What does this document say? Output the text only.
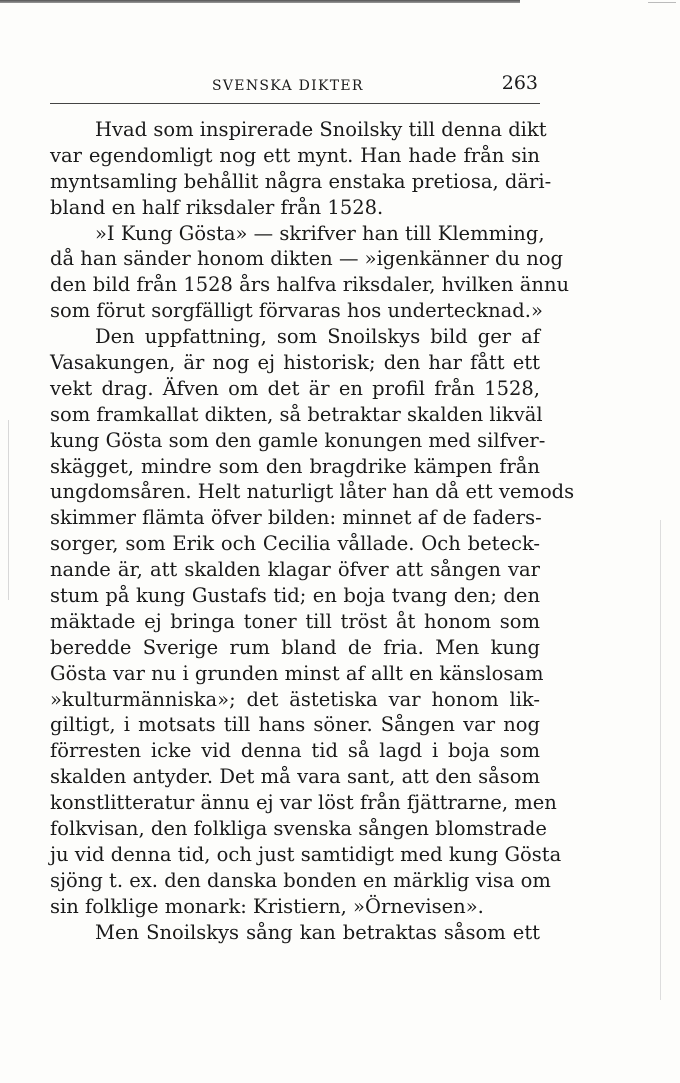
SVENSKA DIKTER	263
Hvad som inspirerade Snoilsky till denna dikt
var egendomligt nog ett mynt. Han hade från sin
myntsamling behållit några enstaka pretiosa, däri-
bland en half riksdaler från 1528.
»I Kung Gösta» — skrifver han till Klemming,
då han sänder honom dikten — »igenkänner du nog
den bild från 1528 års halfva riksdaler, hvilken ännu
som förut sorgfälligt förvaras hos undertecknad.»
Den uppfattning, som Snoilskys bild ger af
Vasakungen, är nog ej historisk; den har fått ett
vekt drag. Äfven om det är en profil från 1528,
som framkallat dikten, så betraktar skalden likväl
kung Gösta som den gamle konungen med silfver-
skägget, mindre som den bragdrike kämpen från
ungdomsåren. Helt naturligt låter han då ett vemods
skimmer flämta öfver bilden: minnet af de faders-
sorger, som Erik och Cecilia vållade. Och beteck-
nande är, att skalden klagar öfver att sången var
stum på kung Gustafs tid; en boja tvang den; den
mäktade ej bringa toner till tröst åt honom som
beredde Sverige rum bland de fria. Men kung
Gösta var nu i grunden minst af allt en känslosam
»kulturmänniska»; det ästetiska var honom lik-
giltigt, i motsats till hans söner. Sången var nog
förresten icke vid denna tid så lagd i boja som
skalden antyder. Det må vara sant, att den såsom
konstlitteratur ännu ej var löst från fjättrarne, men
folkvisan, den folkliga svenska sången blomstrade
ju vid denna tid, och just samtidigt med kung Gösta
sjöng t. ex. den danska bonden en märklig visa om
sin folklige monark: Kristiern, »Örnevisen».
Men Snoilskys sång kan betraktas såsom ett
